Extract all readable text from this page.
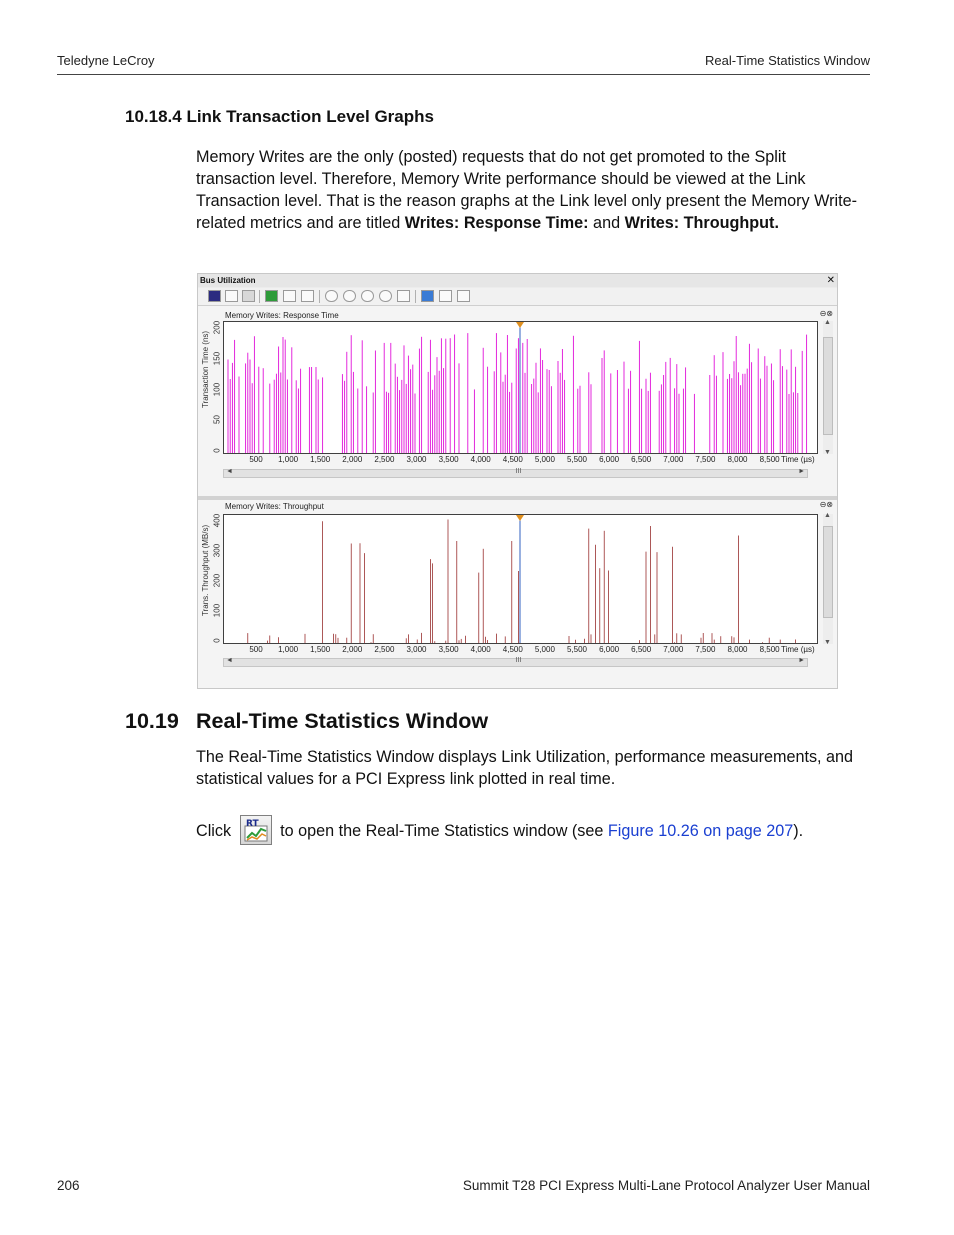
Teledyne LeCroy	Real-Time Statistics Window
10.18.4 Link Transaction Level Graphs
Memory Writes are the only (posted) requests that do not get promoted to the Split transaction level. Therefore, Memory Write performance should be viewed at the Link Transaction level. That is the reason graphs at the Link level only present the Memory Write-related metrics and are titled Writes: Response Time: and Writes: Throughput.
Bus Utilization	✕
Memory Writes: Response Time	⊖⊗
Transaction Time (ns)
0
50
100
150
200
500 1,000 1,500 2,000 2,500 3,000 3,500 4,000 4,500 5,000 5,500 6,000 6,500 7,000 7,500 8,000 8,500 Time (µs)
◄	III	►
▲
▼
Memory Writes: Throughput	⊖⊗
Trans. Throughput (MB/s)
0
100
200
300
400
500 1,000 1,500 2,000 2,500 3,000 3,500 4,000 4,500 5,000 5,500 6,000 6,500 7,000 7,500 8,000 8,500 Time (µs)
◄	III	►
▲
▼
10.19 Real-Time Statistics Window
The Real-Time Statistics Window displays Link Utilization, performance measurements, and statistical values for a PCI Express link plotted in real time.
Click RT to open the Real-Time Statistics window (see Figure 10.26 on page 207).
206	Summit T28 PCI Express Multi-Lane Protocol Analyzer User Manual
